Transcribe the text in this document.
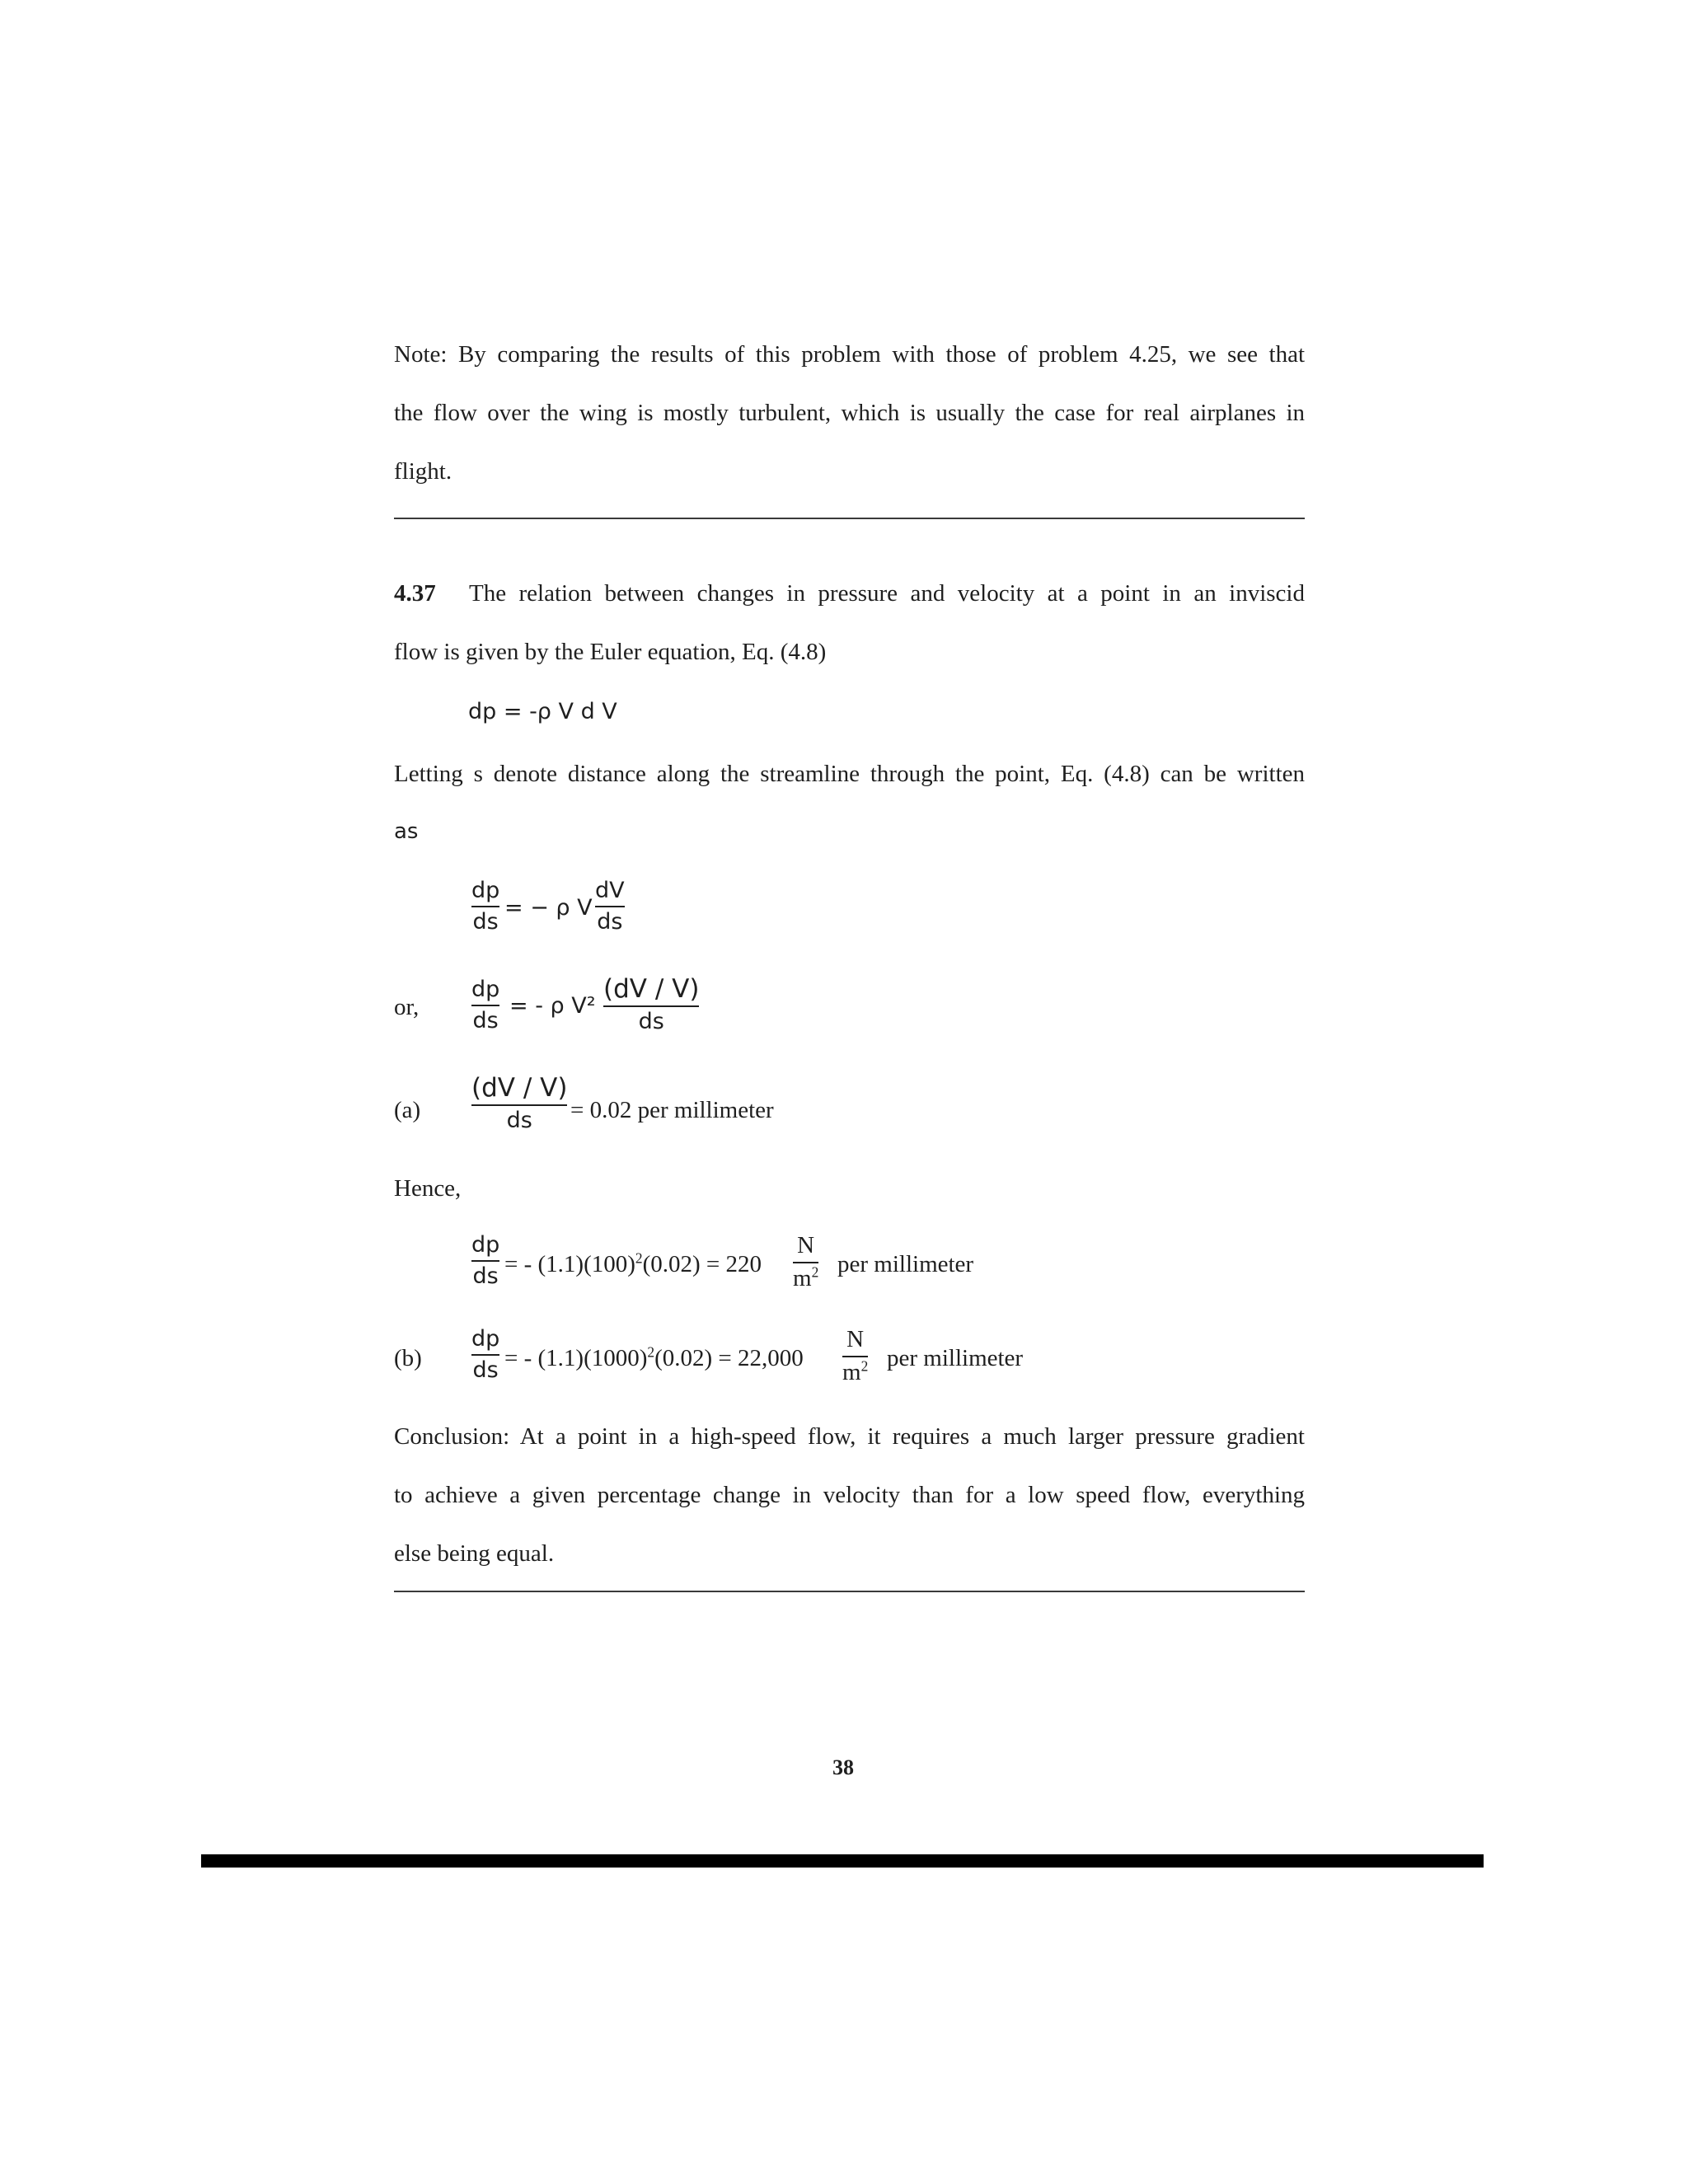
Note: By comparing the results of this problem with those of problem 4.25, we see that
the flow over the wing is mostly turbulent, which is usually the case for real airplanes in
flight.
4.37 The relation between changes in pressure and velocity at a point in an inviscid
flow is given by the Euler equation, Eq. (4.8)
dp = -ρ V d V
Letting s denote distance along the streamline through the point, Eq. (4.8) can be written
as
dp
ds
= − ρ V
dV
ds
or,
dp
ds
= - ρ V²
(dV / V)
ds
(a)
(dV / V)
ds	= 0.02 per millimeter
Hence,
dp
ds = - $(1.1)(100)^2(0.02) = 220$
N
$m^2$ per millimeter
(b)
dp
ds = - $(1.1)(1000)^2(0.02) = 22,000$
N
$m^2$ per millimeter
Conclusion: At a point in a high-speed flow, it requires a much larger pressure gradient
to achieve a given percentage change in velocity than for a low speed flow, everything
else being equal.
38
